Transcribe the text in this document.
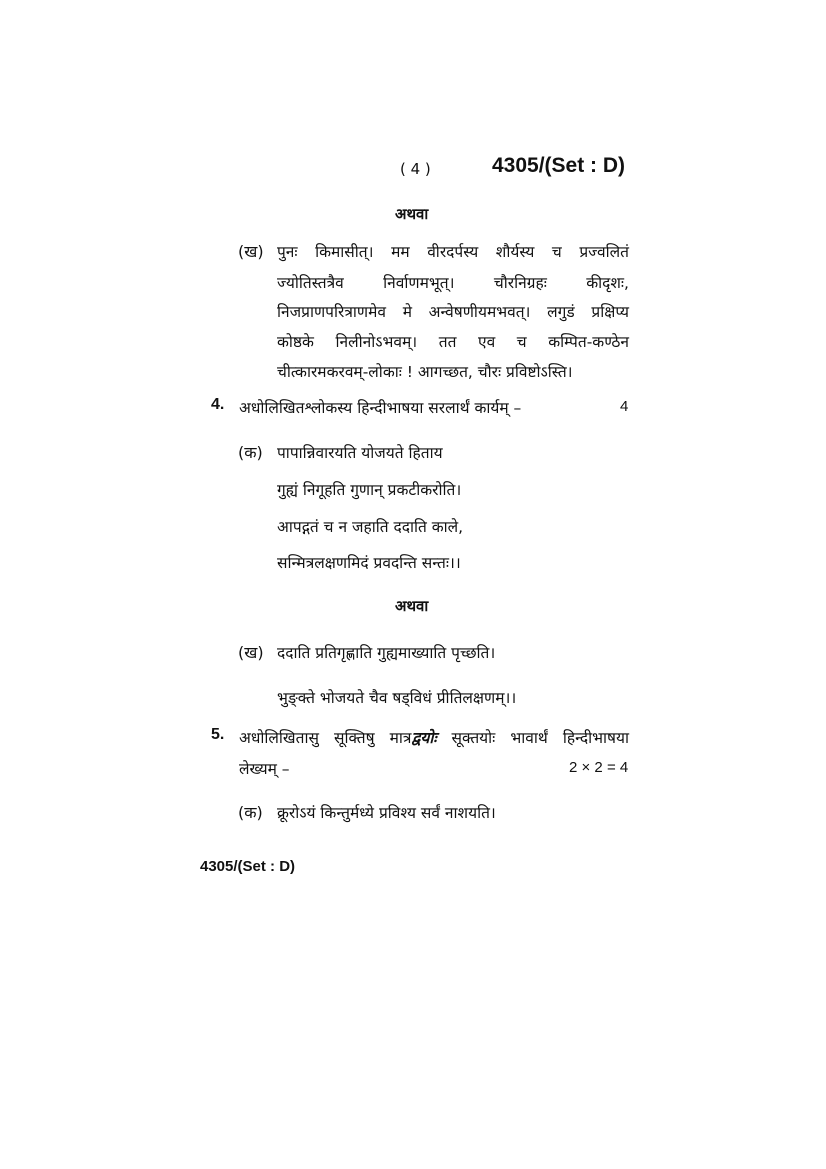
( 4 )	4305/(Set : D)
अथवा
(ख) पुनः किमासीत्। मम वीरदर्पस्य शौर्यस्य च प्रज्वलितं
ज्योतिस्तत्रैव निर्वाणमभूत्। चौरनिग्रहः कीदृशः,
निजप्राणपरित्राणमेव मे अन्वेषणीयमभवत्। लगुडं प्रक्षिप्य
कोष्ठके निलीनोऽभवम्। तत एव च कम्पित-कण्ठेन
चीत्कारमकरवम्-लोकाः ! आगच्छत, चौरः प्रविष्टोऽस्ति।
4. अधोलिखितश्लोकस्य हिन्दीभाषया सरलार्थं कार्यम् –	4
(क) पापान्निवारयति योजयते हिताय
गुह्यं निगूहति गुणान् प्रकटीकरोति।
आपद्गतं च न जहाति ददाति काले,
सन्मित्रलक्षणमिदं प्रवदन्ति सन्तः।।
अथवा
(ख) ददाति प्रतिगृह्णाति गुह्यमाख्याति पृच्छति।
भुङ्क्ते भोजयते चैव षड्विधं प्रीतिलक्षणम्।।
5. अधोलिखितासु सूक्तिषु मात्रद्वयोः सूक्तयोः भावार्थं हिन्दीभाषया
लेख्यम् –	2 × 2 = 4
(क) क्रूरोऽयं किन्तुर्मध्ये प्रविश्य सर्वं नाशयति।
4305/(Set : D)
